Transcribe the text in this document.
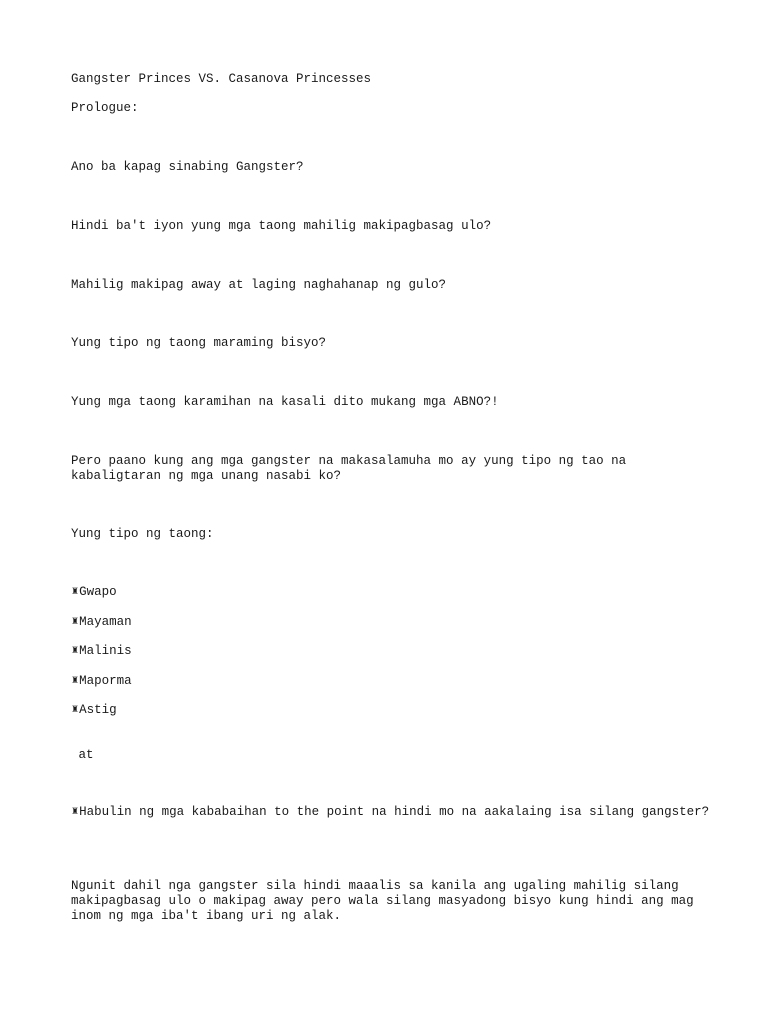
Gangster Princes VS. Casanova Princesses

Prologue:

Ano ba kapag sinabing Gangster?

Hindi ba't iyon yung mga taong mahilig makipagbasag ulo?

Mahilig makipag away at laging naghahanap ng gulo?

Yung tipo ng taong maraming bisyo?

Yung mga taong karamihan na kasali dito mukang mga ABNO?!

Pero paano kung ang mga gangster na makasalamuha mo ay yung tipo ng tao na kabaligtaran ng mga unang nasabi ko?

Yung tipo ng taong:

♜Gwapo

♜Mayaman

♜Malinis

♜Maporma

♜Astig

at

♜Habulin ng mga kababaihan to the point na hindi mo na aakalaing isa silang gangster?

Ngunit dahil nga gangster sila hindi maaalis sa kanila ang ugaling mahilig silang makipagbasag ulo o makipag away pero wala silang masyadong bisyo kung hindi ang mag inom ng mga iba't ibang uri ng alak.
